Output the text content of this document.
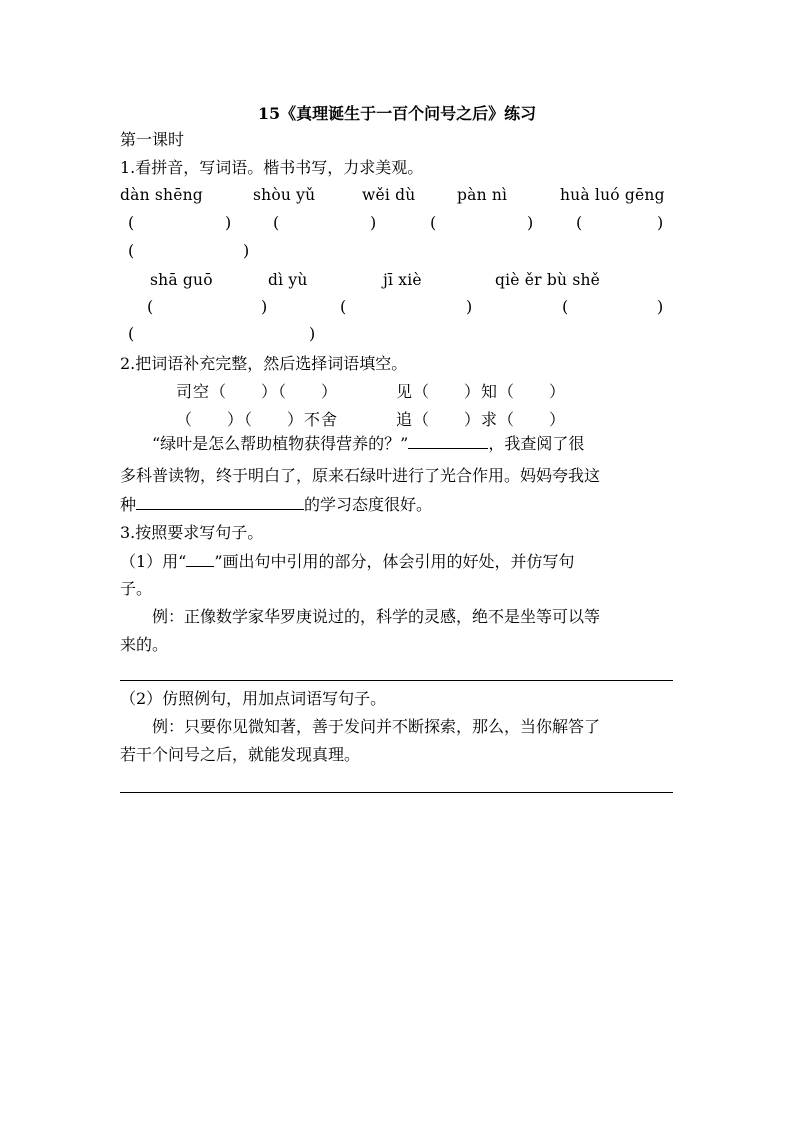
15《真理诞生于一百个问号之后》练习
第一课时
1.看拼音，写词语。楷书书写，力求美观。
dàn shēng	shòu yǔ	wěi dù	pàn nì	huà luó gēng
(	)	(	)	(	)	(	)
(	)
shā guō	dì yù	jī xiè	qiè ěr bù shě
(	)	(	)	(	)
(	)
2.把词语补充完整，然后选择词语填空。
司空（　　）（　　）	见（　　）知（　　）
（　　）（　　）不舍	追（　　）求（　　）
“绿叶是怎么帮助植物获得营养的？”	，我查阅了很
多科普读物，终于明白了，原来石绿叶进行了光合作用。妈妈夸我这
种	的学习态度很好。
3.按照要求写句子。
（1）用“ ”画出句中引用的部分，体会引用的好处，并仿写句
子。
例：正像数学家华罗庚说过的，科学的灵感，绝不是坐等可以等
来的。
（2）仿照例句，用加点词语写句子。
例：只要你见微知著，善于发问并不断探索，那么，当你解答了
若干个问号之后，就能发现真理。
